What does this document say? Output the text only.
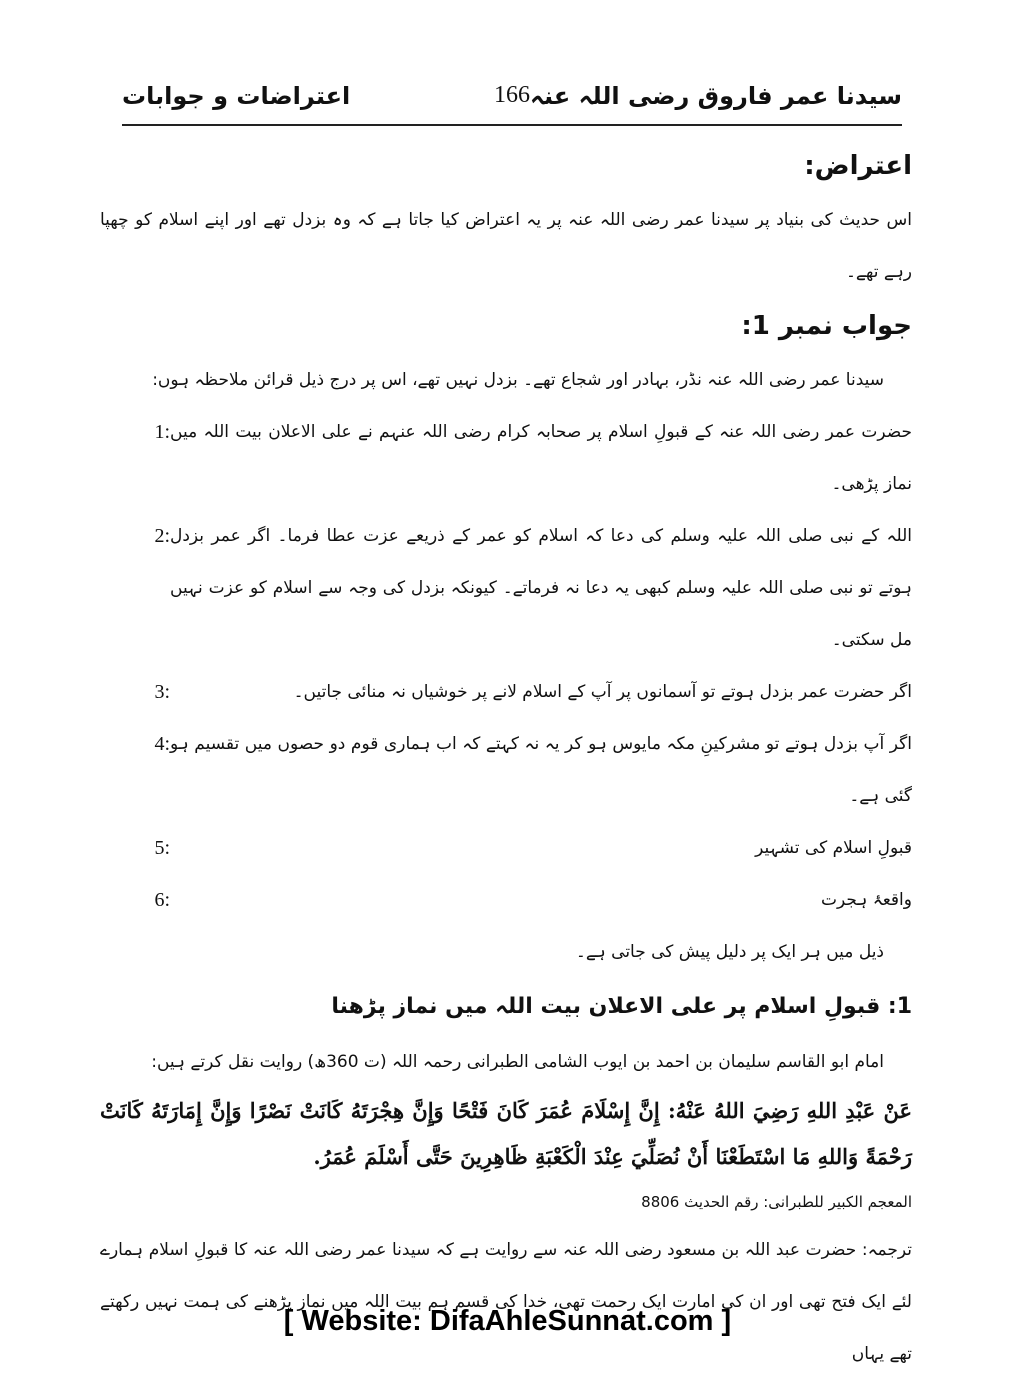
سیدنا عمر فاروق رضی اللہ عنہ
166
اعتراضات و جوابات

اعتراض:

اس حدیث کی بنیاد پر سیدنا عمر رضی اللہ عنہ پر یہ اعتراض کیا جاتا ہے کہ وہ بزدل تھے اور اپنے اسلام کو چھپا رہے تھے۔

جواب نمبر 1:

سیدنا عمر رضی اللہ عنہ نڈر، بہادر اور شجاع تھے۔ بزدل نہیں تھے، اس پر درج ذیل قرائن ملاحظہ ہوں:

حضرت عمر رضی اللہ عنہ کے قبولِ اسلام پر صحابہ کرام رضی اللہ عنہم نے علی الاعلان بیت اللہ میں نماز پڑھی۔
1:
اللہ کے نبی صلی اللہ علیہ وسلم کی دعا کہ اسلام کو عمر کے ذریعے عزت عطا فرما۔ اگر عمر بزدل ہوتے تو نبی صلی اللہ علیہ وسلم کبھی یہ دعا نہ فرماتے۔ کیونکہ بزدل کی وجہ سے اسلام کو عزت نہیں مل سکتی۔
2:
اگر حضرت عمر بزدل ہوتے تو آسمانوں پر آپ کے اسلام لانے پر خوشیاں نہ منائی جاتیں۔
3:
اگر آپ بزدل ہوتے تو مشرکینِ مکہ مایوس ہو کر یہ نہ کہتے کہ اب ہماری قوم دو حصوں میں تقسیم ہو گئی ہے۔
4:
قبولِ اسلام کی تشہیر
5:
واقعۂ ہجرت
6:

ذیل میں ہر ایک پر دلیل پیش کی جاتی ہے۔

1: قبولِ اسلام پر علی الاعلان بیت اللہ میں نماز پڑھنا

امام ابو القاسم سلیمان بن احمد بن ایوب الشامی الطبرانی رحمہ اللہ (ت 360ھ) روایت نقل کرتے ہیں:

عَنْ عَبْدِ اللهِ رَضِيَ اللهُ عَنْهُ: إِنَّ إِسْلَامَ عُمَرَ كَانَ فَتْحًا وَإِنَّ هِجْرَتَهُ كَانَتْ نَصْرًا وَإِنَّ إِمَارَتَهُ كَانَتْ رَحْمَةً وَاللهِ مَا اسْتَطَعْنَا أَنْ نُصَلِّيَ عِنْدَ الْكَعْبَةِ ظَاهِرِينَ حَتَّى أَسْلَمَ عُمَرُ.

المعجم الکبیر للطبرانی: رقم الحدیث 8806

ترجمہ: حضرت عبد اللہ بن مسعود رضی اللہ عنہ سے روایت ہے کہ سیدنا عمر رضی اللہ عنہ کا قبولِ اسلام ہمارے لئے ایک فتح تھی اور ان کی امارت ایک رحمت تھی، خدا کی قسم ہم بیت اللہ میں نماز پڑھنے کی ہمت نہیں رکھتے تھے یہاں

[ Website: DifaAhleSunnat.com ]
